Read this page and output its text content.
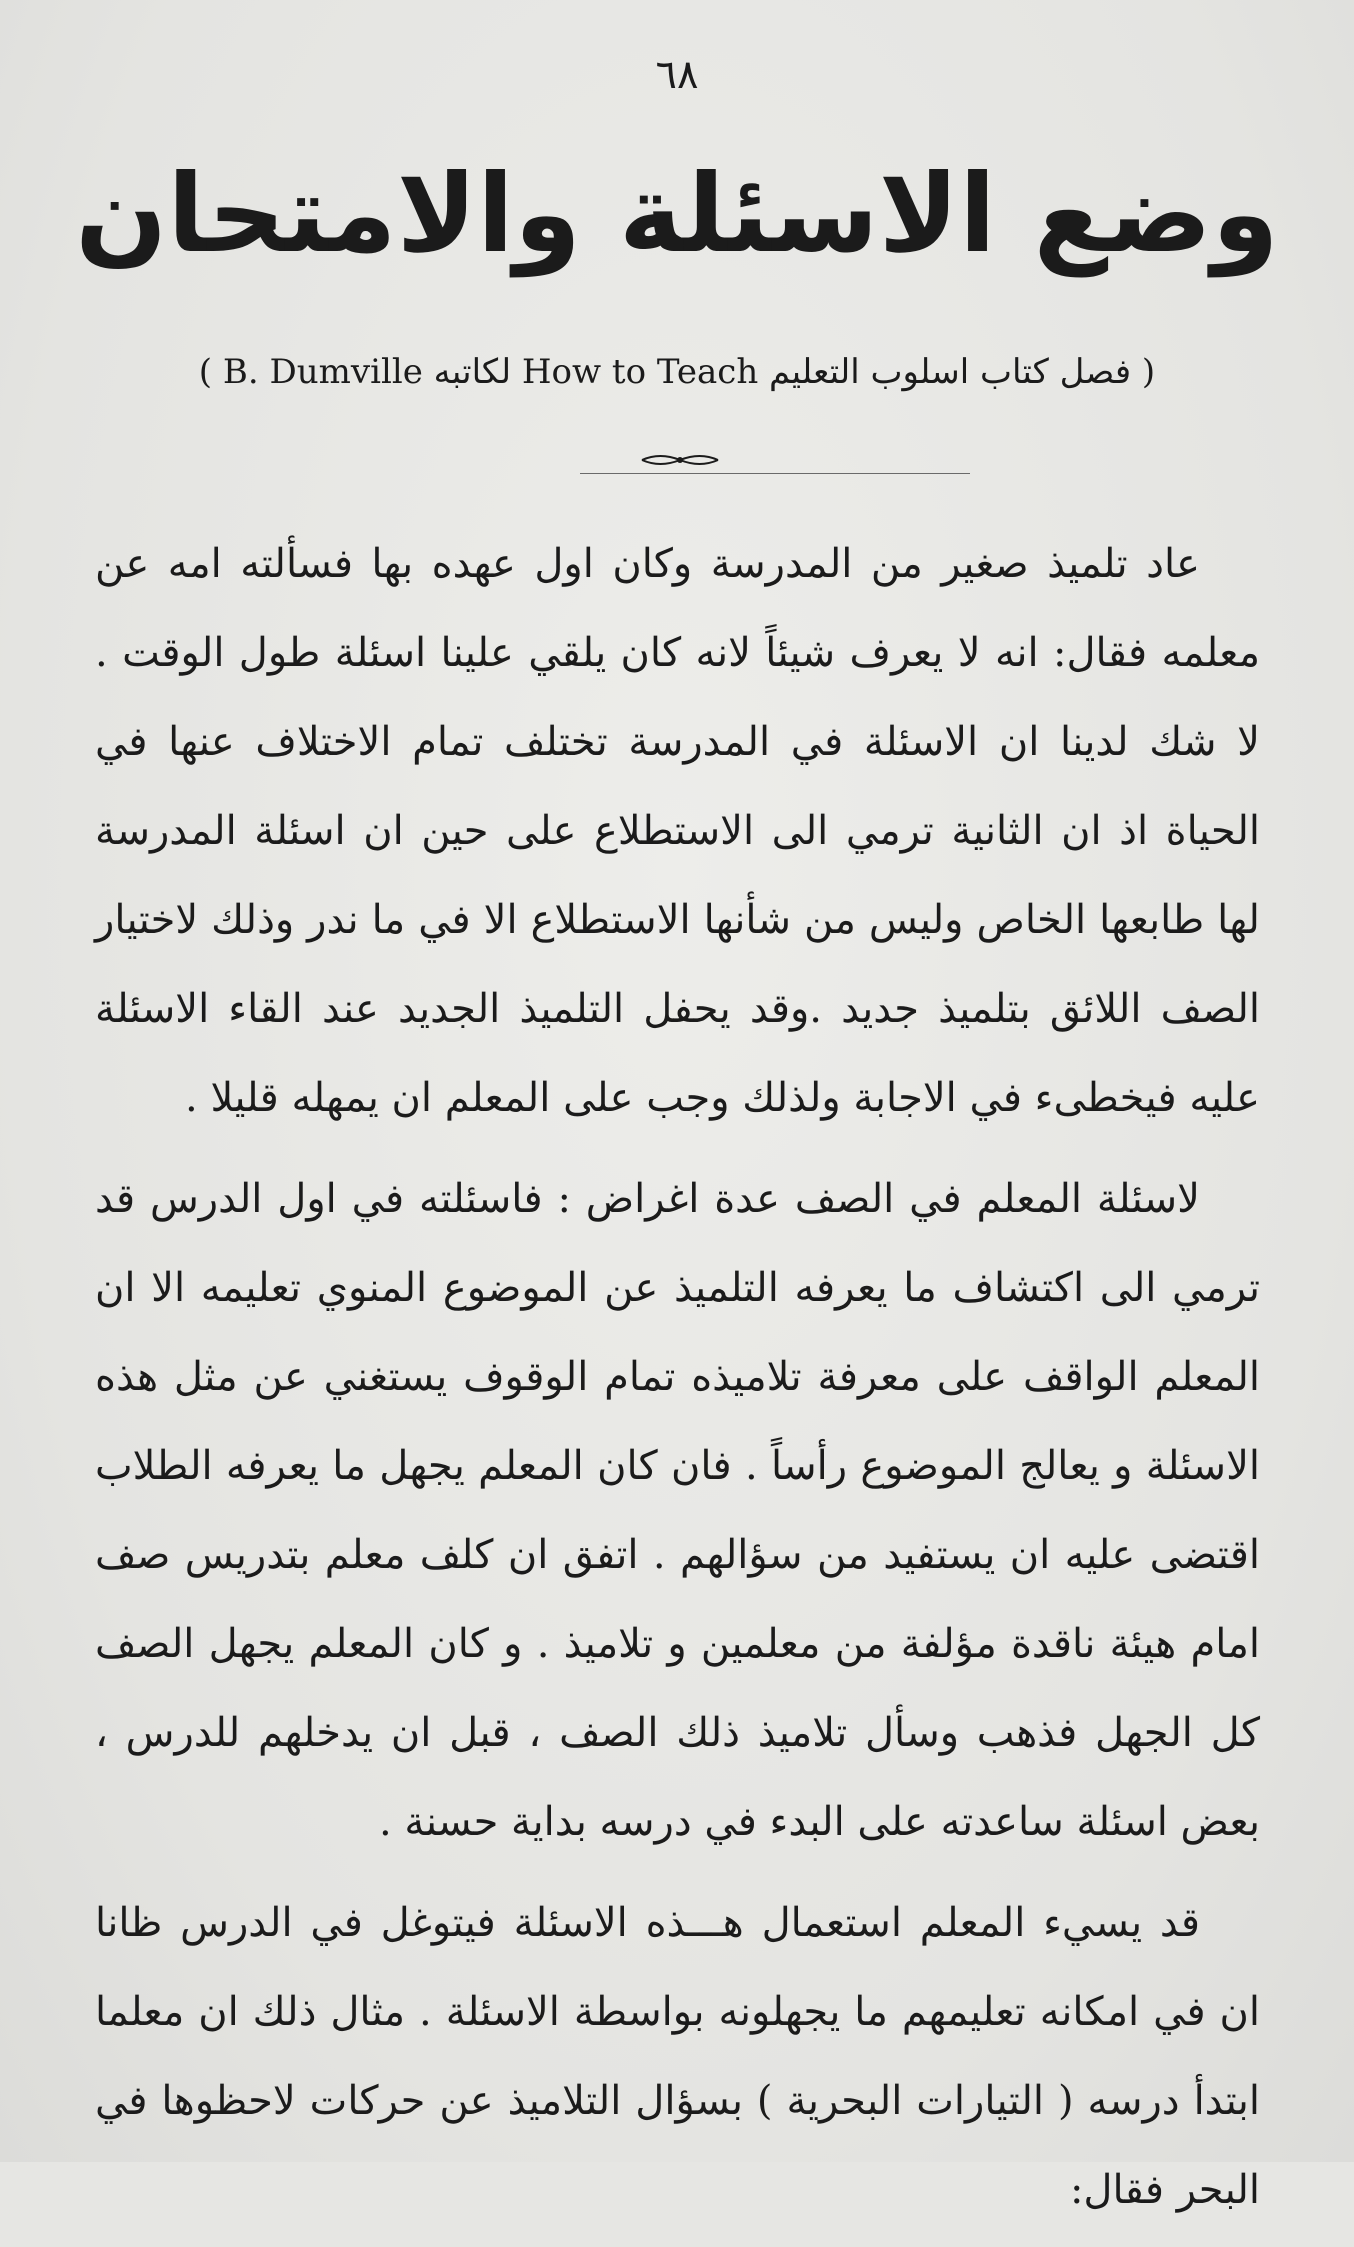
٦٨
وضع الاسئلة والامتحان
( فصل كتاب اسلوب التعليم How to Teach لكاتبه B. Dumville )

عاد تلميذ صغير من المدرسة وكان اول عهده بها فسألته امه عن معلمه فقال: انه لا يعرف شيئاً لانه كان يلقي علينا اسئلة طول الوقت . لا شك لدينا ان الاسئلة في المدرسة تختلف تمام الاختلاف عنها في الحياة اذ ان الثانية ترمي الى الاستطلاع على حين ان اسئلة المدرسة لها طابعها الخاص وليس من شأنها الاستطلاع الا في ما ندر وذلك لاختيار الصف اللائق بتلميذ جديد .وقد يحفل التلميذ الجديد عند القاء الاسئلة عليه فيخطىء في الاجابة ولذلك وجب على المعلم ان يمهله قليلا .

لاسئلة المعلم في الصف عدة اغراض : فاسئلته في اول الدرس قد ترمي الى اكتشاف ما يعرفه التلميذ عن الموضوع المنوي تعليمه الا ان المعلم الواقف على معرفة تلاميذه تمام الوقوف يستغني عن مثل هذه الاسئلة و يعالج الموضوع رأساً . فان كان المعلم يجهل ما يعرفه الطلاب اقتضى عليه ان يستفيد من سؤالهم . اتفق ان كلف معلم بتدريس صف امام هيئة ناقدة مؤلفة من معلمين و تلاميذ . و كان المعلم يجهل الصف كل الجهل فذهب وسأل تلاميذ ذلك الصف ، قبل ان يدخلهم للدرس ، بعض اسئلة ساعدته على البدء في درسه بداية حسنة .

قد يسيء المعلم استعمال هـــذه الاسئلة فيتوغل في الدرس ظانا ان في امكانه تعليمهم ما يجهلونه بواسطة الاسئلة . مثال ذلك ان معلما ابتدأ درسه ( التيارات البحرية ) بسؤال التلاميذ عن حركات لاحظوها في البحر فقال:
